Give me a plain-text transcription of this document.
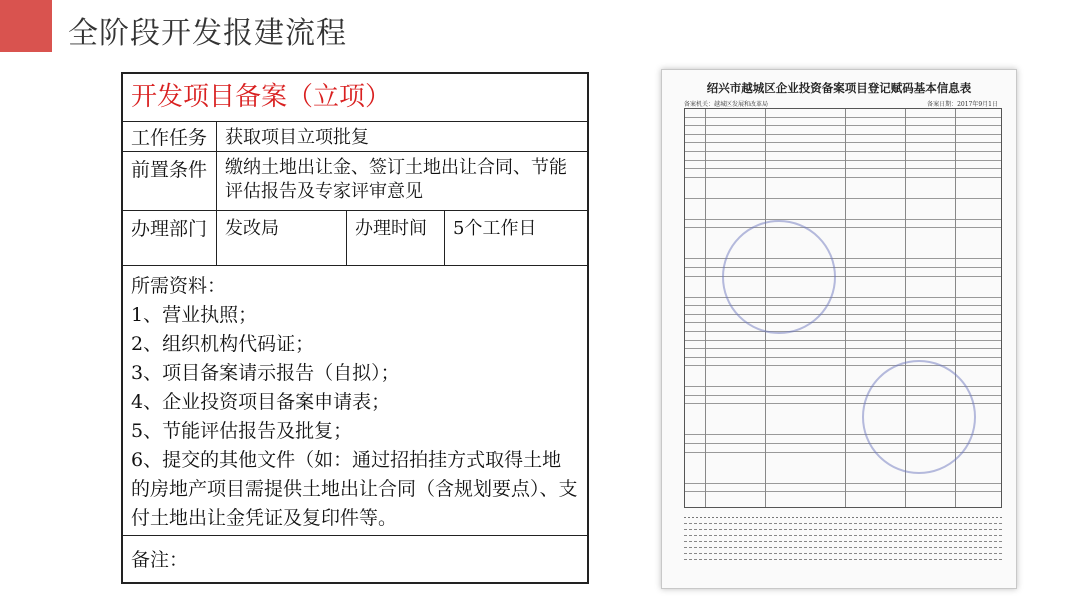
全阶段开发报建流程
开发项目备案（立项）
工作任务 获取项目立项批复
前置条件 缴纳土地出让金、签订土地出让合同、节能评估报告及专家评审意见
办理部门 发改局	办理时间	5个工作日
所需资料：
1、营业执照；
2、组织机构代码证；
3、项目备案请示报告（自拟）；
4、企业投资项目备案申请表；
5、节能评估报告及批复；
6、提交的其他文件（如：通过招拍挂方式取得土地的房地产项目需提供土地出让合同（含规划要点）、支付土地出让金凭证及复印件等。
备注：
绍兴市越城区企业投资备案项目登记赋码基本信息表
备案机关：越城区发展和改革局	备案日期：2017年9月1日
